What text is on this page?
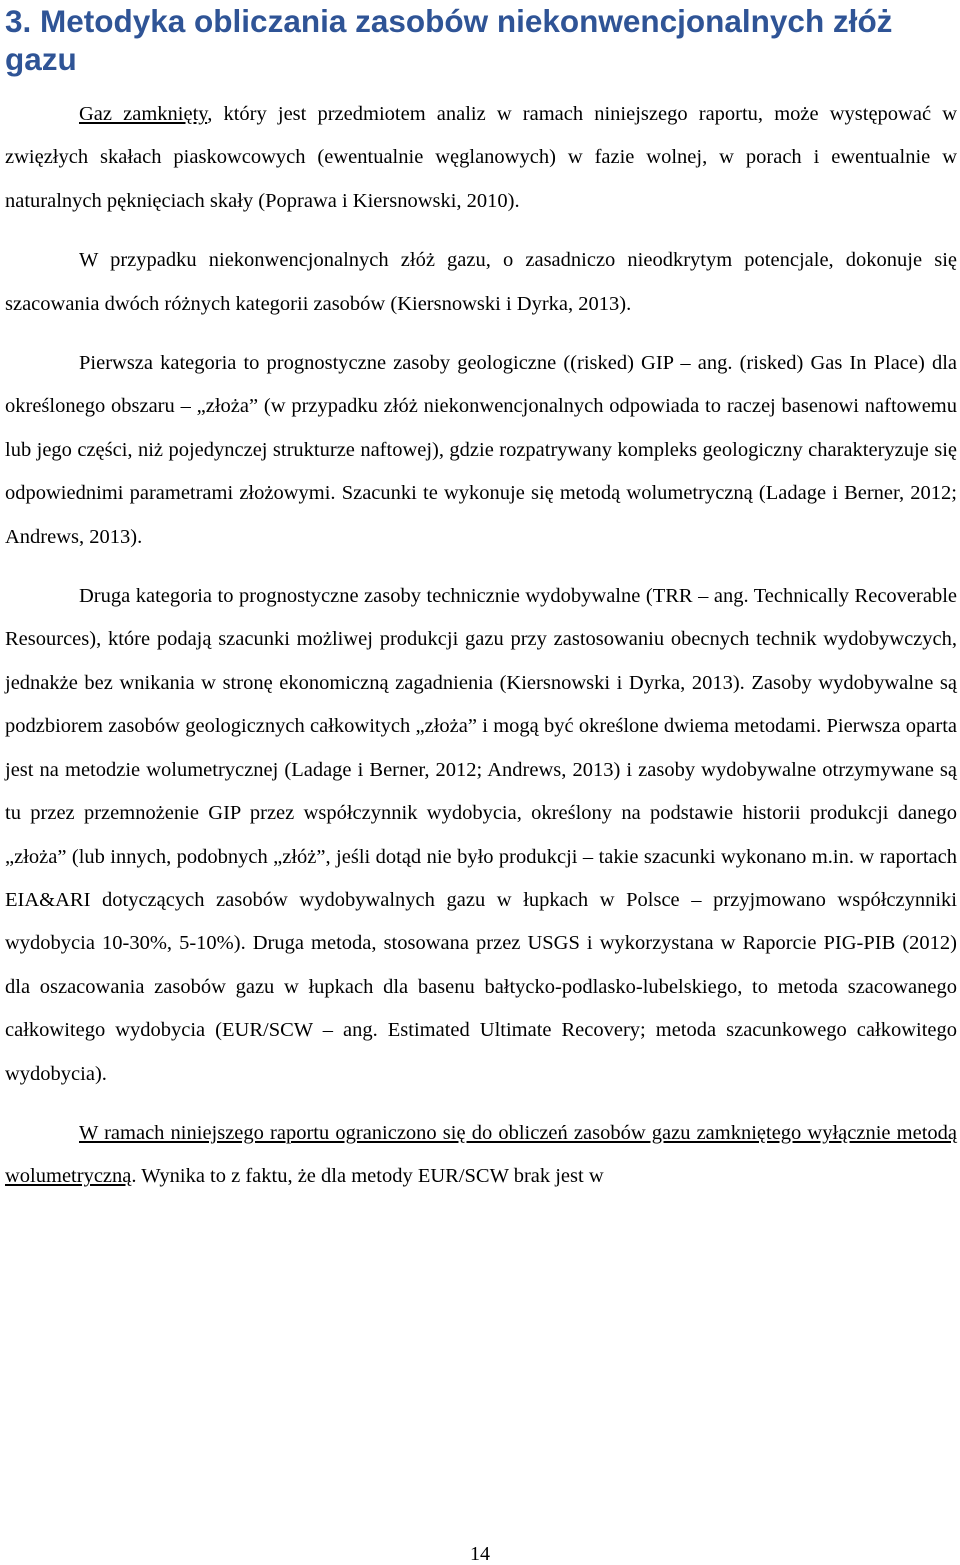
3. Metodyka obliczania zasobów niekonwencjonalnych złóż gazu

Gaz zamknięty, który jest przedmiotem analiz w ramach niniejszego raportu, może występować w zwięzłych skałach piaskowcowych (ewentualnie węglanowych) w fazie wolnej, w porach i ewentualnie w naturalnych pęknięciach skały (Poprawa i Kiersnowski, 2010).

W przypadku niekonwencjonalnych złóż gazu, o zasadniczo nieodkrytym potencjale, dokonuje się szacowania dwóch różnych kategorii zasobów (Kiersnowski i Dyrka, 2013).

Pierwsza kategoria to prognostyczne zasoby geologiczne ((risked) GIP ‒ ang. (risked) Gas In Place) dla określonego obszaru ‒ „złoża” (w przypadku złóż niekonwencjonalnych odpowiada to raczej basenowi naftowemu lub jego części, niż pojedynczej strukturze naftowej), gdzie rozpatrywany kompleks geologiczny charakteryzuje się odpowiednimi parametrami złożowymi. Szacunki te wykonuje się metodą wolumetryczną (Ladage i Berner, 2012; Andrews, 2013).

Druga kategoria to prognostyczne zasoby technicznie wydobywalne (TRR ‒ ang. Technically Recoverable Resources), które podają szacunki możliwej produkcji gazu przy zastosowaniu obecnych technik wydobywczych, jednakże bez wnikania w stronę ekonomiczną zagadnienia (Kiersnowski i Dyrka, 2013). Zasoby wydobywalne są podzbiorem zasobów geologicznych całkowitych „złoża” i mogą być określone dwiema metodami. Pierwsza oparta jest na metodzie wolumetrycznej (Ladage i Berner, 2012; Andrews, 2013) i zasoby wydobywalne otrzymywane są tu przez przemnożenie GIP przez współczynnik wydobycia, określony na podstawie historii produkcji danego „złoża” (lub innych, podobnych „złóż”, jeśli dotąd nie było produkcji ‒ takie szacunki wykonano m.in. w raportach EIA&ARI dotyczących zasobów wydobywalnych gazu w łupkach w Polsce ‒ przyjmowano współczynniki wydobycia 10-30%, 5-10%). Druga metoda, stosowana przez USGS i wykorzystana w Raporcie PIG-PIB (2012) dla oszacowania zasobów gazu w łupkach dla basenu bałtycko-podlasko-lubelskiego, to metoda szacowanego całkowitego wydobycia (EUR/SCW ‒ ang. Estimated Ultimate Recovery; metoda szacunkowego całkowitego wydobycia).

W ramach niniejszego raportu ograniczono się do obliczeń zasobów gazu zamkniętego wyłącznie metodą wolumetryczną. Wynika to z faktu, że dla metody EUR/SCW brak jest w

14
